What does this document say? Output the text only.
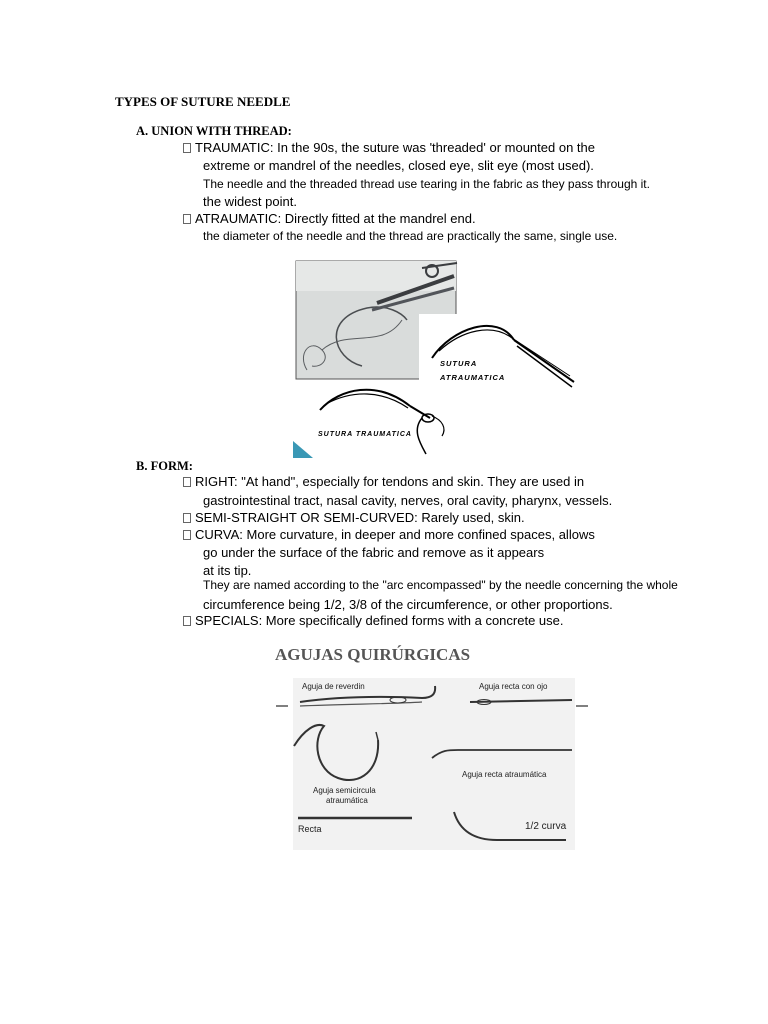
TYPES OF SUTURE NEEDLE
A. UNION WITH THREAD:
TRAUMATIC: In the 90s, the suture was 'threaded' or mounted on the
extreme or mandrel of the needles, closed eye, slit eye (most used).
The needle and the threaded thread use tearing in the fabric as they pass through it.
the widest point.
ATRAUMATIC: Directly fitted at the mandrel end.
the diameter of the needle and the thread are practically the same, single use.
SUTURA
ATRAUMATICA
SUTURA TRAUMATICA
B. FORM:
RIGHT: "At hand", especially for tendons and skin. They are used in
gastrointestinal tract, nasal cavity, nerves, oral cavity, pharynx, vessels.
SEMI-STRAIGHT OR SEMI-CURVED: Rarely used, skin.
CURVA: More curvature, in deeper and more confined spaces, allows
go under the surface of the fabric and remove as it appears
at its tip.
They are named according to the "arc encompassed" by the needle concerning the whole
circumference being 1/2, 3/8 of the circumference, or other proportions.
SPECIALS: More specifically defined forms with a concrete use.
AGUJAS QUIRÚRGICAS
Aguja de reverdin	Aguja recta con ojo
Aguja semicircula
atraumática
Aguja recta atraumática
Recta	1/2 curva
